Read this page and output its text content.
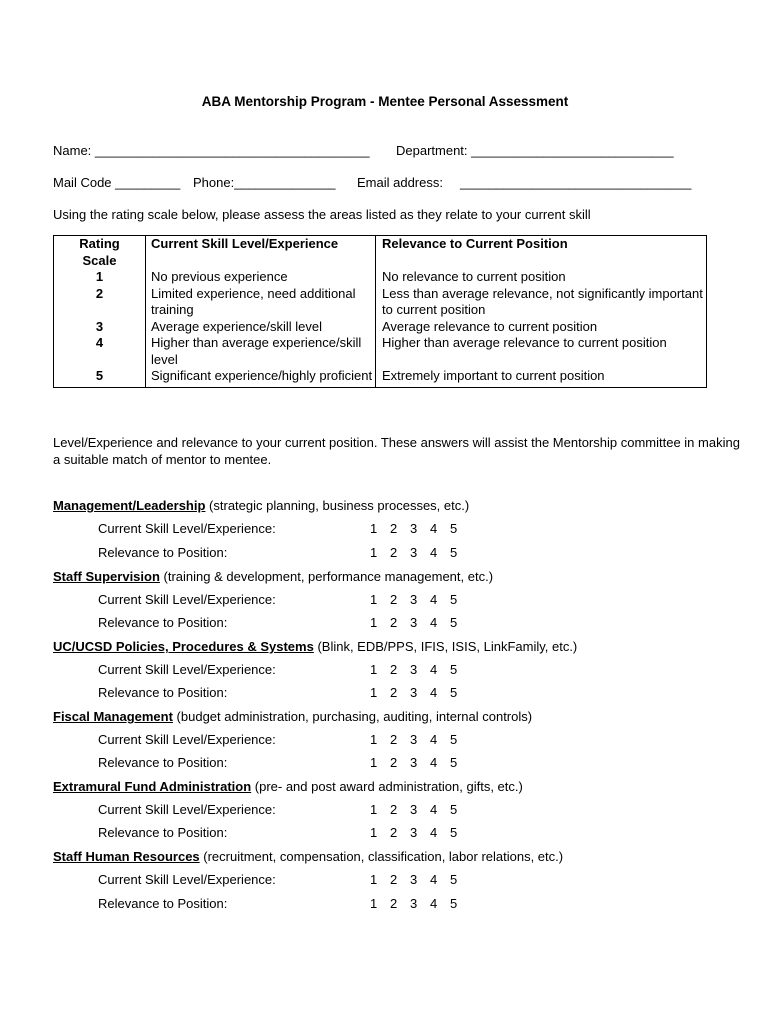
ABA Mentorship Program - Mentee Personal Assessment
Name: ______________________________________ Department: ____________________________
Mail Code _________ Phone:______________ Email address: ________________________________
Using the rating scale below, please assess the areas listed as they relate to your current skill
Rating Scale	Current Skill Level/Experience	Relevance to Current Position
1	No previous experience	No relevance to current position
2	Limited experience, need additional training	Less than average relevance, not significantly important to current position
3	Average experience/skill level	Average relevance to current position
4	Higher than average experience/skill level	Higher than average relevance to current position
5	Significant experience/highly proficient	Extremely important to current position
Level/Experience and relevance to your current position. These answers will assist the Mentorship committee in making a suitable match of mentor to mentee.
Management/Leadership (strategic planning, business processes, etc.)
Current Skill Level/Experience:	1 2 3 4 5
Relevance to Position:	1 2 3 4 5
Staff Supervision (training & development, performance management, etc.)
Current Skill Level/Experience:	1 2 3 4 5
Relevance to Position:	1 2 3 4 5
UC/UCSD Policies, Procedures & Systems (Blink, EDB/PPS, IFIS, ISIS, LinkFamily, etc.)
Current Skill Level/Experience:	1 2 3 4 5
Relevance to Position:	1 2 3 4 5
Fiscal Management (budget administration, purchasing, auditing, internal controls)
Current Skill Level/Experience:	1 2 3 4 5
Relevance to Position:	1 2 3 4 5
Extramural Fund Administration (pre- and post award administration, gifts, etc.)
Current Skill Level/Experience:	1 2 3 4 5
Relevance to Position:	1 2 3 4 5
Staff Human Resources (recruitment, compensation, classification, labor relations, etc.)
Current Skill Level/Experience:	1 2 3 4 5
Relevance to Position:	1 2 3 4 5
